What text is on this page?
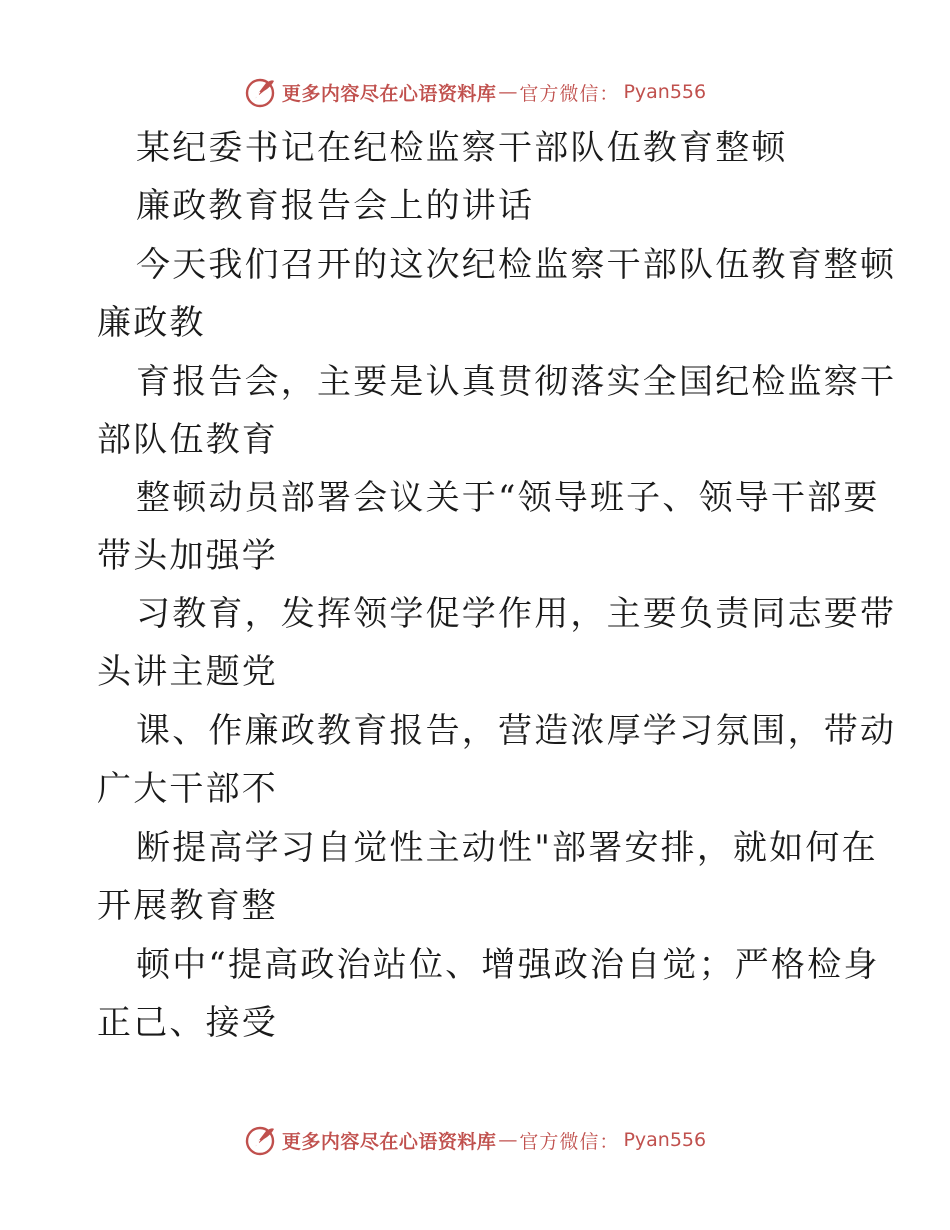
更多内容尽在心语资料库 — 官方微信： Pyan556
某纪委书记在纪检监察干部队伍教育整顿
廉政教育报告会上的讲话
今天我们召开的这次纪检监察干部队伍教育整顿
廉政教
育报告会，主要是认真贯彻落实全国纪检监察干
部队伍教育
整顿动员部署会议关于“领导班子、领导干部要
带头加强学
习教育，发挥领学促学作用，主要负责同志要带
头讲主题党
课、作廉政教育报告，营造浓厚学习氛围，带动
广大干部不
断提高学习自觉性主动性"部署安排，就如何在
开展教育整
顿中“提高政治站位、增强政治自觉；严格检身
正己、接受
更多内容尽在心语资料库 — 官方微信： Pyan556
